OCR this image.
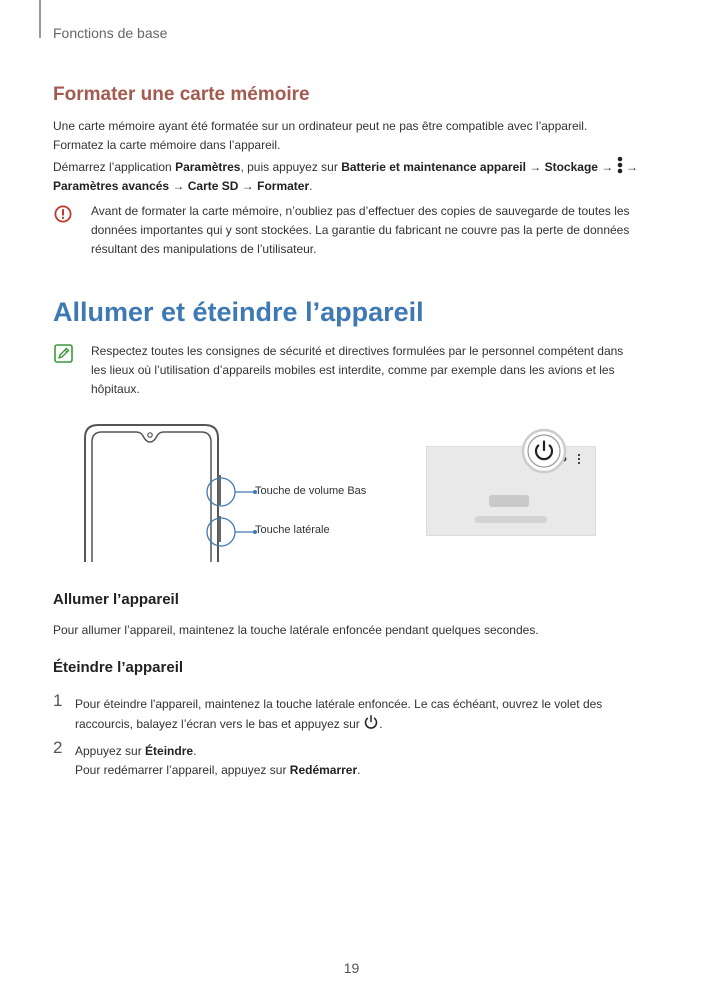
Fonctions de base
Formater une carte mémoire
Une carte mémoire ayant été formatée sur un ordinateur peut ne pas être compatible avec l’appareil.
Formatez la carte mémoire dans l’appareil.
Démarrez l’application Paramètres, puis appuyez sur Batterie et maintenance appareil → Stockage →
→
Paramètres avancés → Carte SD → Formater.
Avant de formater la carte mémoire, n’oubliez pas d’effectuer des copies de sauvegarde de toutes les
données importantes qui y sont stockées. La garantie du fabricant ne couvre pas la perte de données
résultant des manipulations de l’utilisateur.
Allumer et éteindre l’appareil
Respectez toutes les consignes de sécurité et directives formulées par le personnel compétent dans
les lieux où l’utilisation d’appareils mobiles est interdite, comme par exemple dans les avions et les
hôpitaux.
Touche de volume Bas
Touche latérale
Allumer l’appareil
Pour allumer l’appareil, maintenez la touche latérale enfoncée pendant quelques secondes.
Éteindre l’appareil
1 Pour éteindre l'appareil, maintenez la touche latérale enfoncée. Le cas échéant, ouvrez le volet des
raccourcis, balayez l’écran vers le bas et appuyez sur .
2 Appuyez sur Éteindre.
Pour redémarrer l’appareil, appuyez sur Redémarrer.
19
